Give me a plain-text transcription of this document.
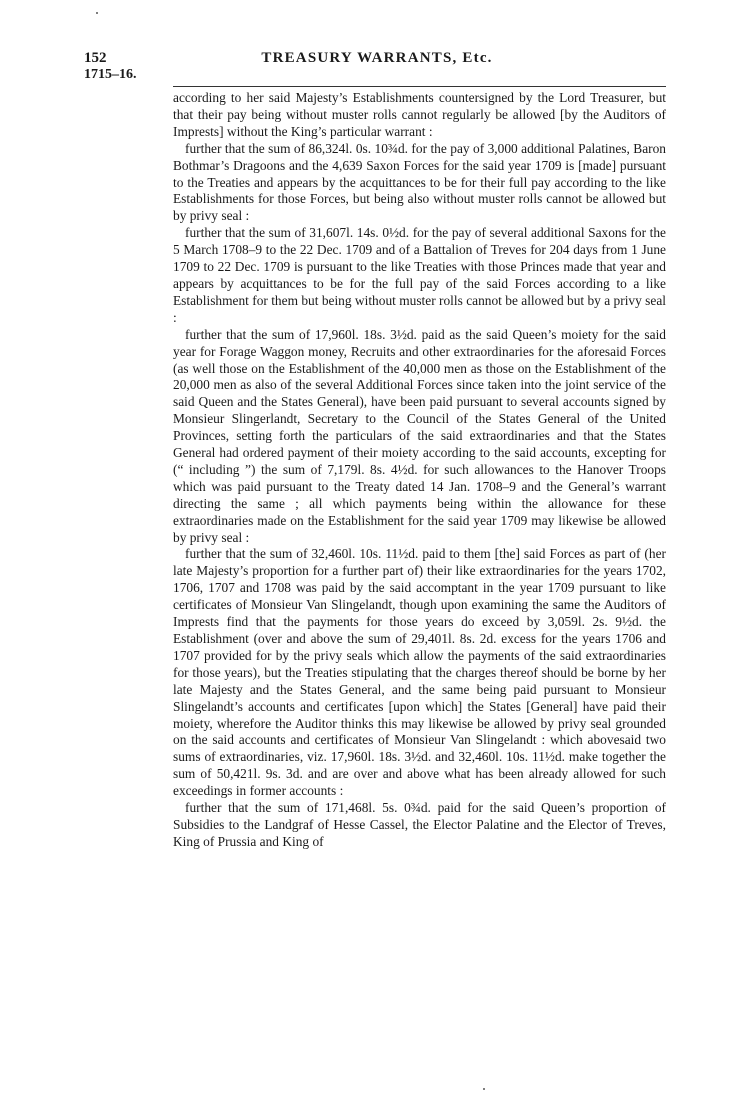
152
1715–16.
TREASURY WARRANTS, Etc.

according to her said Majesty’s Establishments countersigned by the Lord Treasurer, but that their pay being without muster rolls cannot regularly be allowed [by the Auditors of Imprests] without the King’s particular warrant :

further that the sum of 86,324l. 0s. 10¾d. for the pay of 3,000 additional Palatines, Baron Bothmar’s Dragoons and the 4,639 Saxon Forces for the said year 1709 is [made] pursuant to the Treaties and appears by the acquittances to be for their full pay according to the like Establishments for those Forces, but being also without muster rolls cannot be allowed but by privy seal :

further that the sum of 31,607l. 14s. 0½d. for the pay of several additional Saxons for the 5 March 1708–9 to the 22 Dec. 1709 and of a Battalion of Treves for 204 days from 1 June 1709 to 22 Dec. 1709 is pursuant to the like Treaties with those Princes made that year and appears by acquittances to be for the full pay of the said Forces according to a like Establishment for them but being without muster rolls cannot be allowed but by a privy seal :

further that the sum of 17,960l. 18s. 3½d. paid as the said Queen’s moiety for the said year for Forage Waggon money, Recruits and other extraordinaries for the aforesaid Forces (as well those on the Establishment of the 40,000 men as those on the Establishment of the 20,000 men as also of the several Additional Forces since taken into the joint service of the said Queen and the States General), have been paid pursuant to several accounts signed by Monsieur Slingerlandt, Secretary to the Council of the States General of the United Provinces, setting forth the particulars of the said extraordinaries and that the States General had ordered payment of their moiety according to the said accounts, excepting for (“ including ”) the sum of 7,179l. 8s. 4½d. for such allowances to the Hanover Troops which was paid pursuant to the Treaty dated 14 Jan. 1708–9 and the General’s warrant directing the same ; all which payments being within the allowance for these extraordinaries made on the Establishment for the said year 1709 may likewise be allowed by privy seal :

further that the sum of 32,460l. 10s. 11½d. paid to them [the] said Forces as part of (her late Majesty’s proportion for a further part of) their like extraordinaries for the years 1702, 1706, 1707 and 1708 was paid by the said accomptant in the year 1709 pursuant to like certificates of Monsieur Van Slingelandt, though upon examining the same the Auditors of Imprests find that the payments for those years do exceed by 3,059l. 2s. 9½d. the Establishment (over and above the sum of 29,401l. 8s. 2d. excess for the years 1706 and 1707 provided for by the privy seals which allow the payments of the said extraordinaries for those years), but the Treaties stipulating that the charges thereof should be borne by her late Majesty and the States General, and the same being paid pursuant to Monsieur Slingelandt’s accounts and certificates [upon which] the States [General] have paid their moiety, wherefore the Auditor thinks this may likewise be allowed by privy seal grounded on the said accounts and certificates of Monsieur Van Slingelandt : which abovesaid two sums of extraordinaries, viz. 17,960l. 18s. 3½d. and 32,460l. 10s. 11½d. make together the sum of 50,421l. 9s. 3d. and are over and above what has been already allowed for such exceedings in former accounts :

further that the sum of 171,468l. 5s. 0¾d. paid for the said Queen’s proportion of Subsidies to the Landgraf of Hesse Cassel, the Elector Palatine and the Elector of Treves, King of Prussia and King of
